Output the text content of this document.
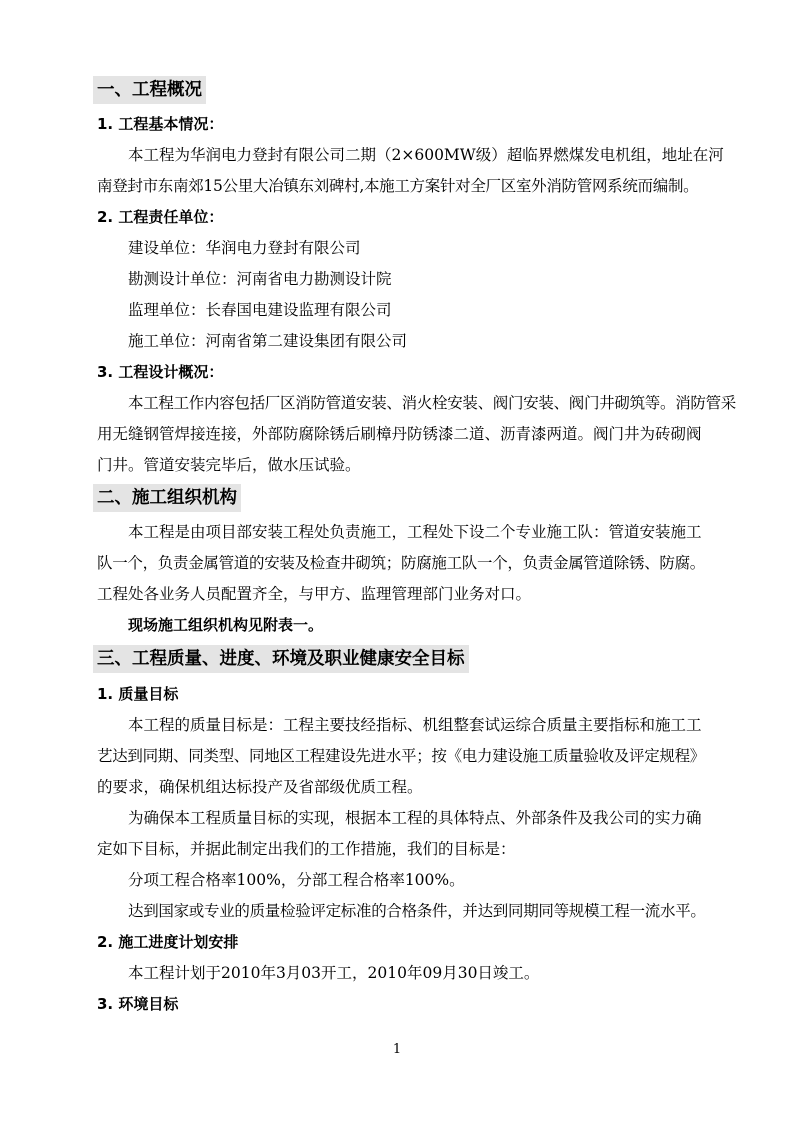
一、工程概况
1. 工程基本情况：
本工程为华润电力登封有限公司二期（2×600MW级）超临界燃煤发电机组，地址在河
南登封市东南郊15公里大冶镇东刘碑村,本施工方案针对全厂区室外消防管网系统而编制。
2. 工程责任单位：
建设单位：华润电力登封有限公司
勘测设计单位：河南省电力勘测设计院
监理单位：长春国电建设监理有限公司
施工单位：河南省第二建设集团有限公司
3. 工程设计概况：
本工程工作内容包括厂区消防管道安装、消火栓安装、阀门安装、阀门井砌筑等。消防管采
用无缝钢管焊接连接，外部防腐除锈后刷樟丹防锈漆二道、沥青漆两道。阀门井为砖砌阀
门井。管道安装完毕后，做水压试验。
二、施工组织机构
本工程是由项目部安装工程处负责施工，工程处下设二个专业施工队：管道安装施工
队一个，负责金属管道的安装及检查井砌筑；防腐施工队一个，负责金属管道除锈、防腐。
工程处各业务人员配置齐全，与甲方、监理管理部门业务对口。
现场施工组织机构见附表一。
三、工程质量、进度、环境及职业健康安全目标
1. 质量目标
本工程的质量目标是：工程主要技经指标、机组整套试运综合质量主要指标和施工工
艺达到同期、同类型、同地区工程建设先进水平；按《电力建设施工质量验收及评定规程》
的要求，确保机组达标投产及省部级优质工程。
为确保本工程质量目标的实现，根据本工程的具体特点、外部条件及我公司的实力确
定如下目标，并据此制定出我们的工作措施，我们的目标是：
分项工程合格率100%，分部工程合格率100%。
达到国家或专业的质量检验评定标准的合格条件，并达到同期同等规模工程一流水平。
2. 施工进度计划安排
本工程计划于2010年3月03开工，2010年09月30日竣工。
3. 环境目标
1
